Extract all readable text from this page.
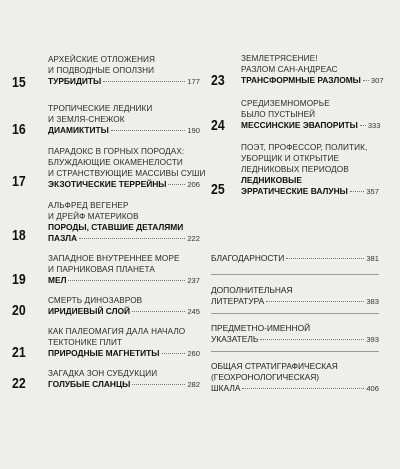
АРХЕЙСКИЕ ОТЛОЖЕНИЯ
И ПОДВОДНЫЕ ОПОЛЗНИ
ТУРБИДИТЫ	177
15
ТРОПИЧЕСКИЕ ЛЕДНИКИ
И ЗЕМЛЯ-СНЕЖОК
ДИАМИКТИТЫ	190
16
ПАРАДОКС В ГОРНЫХ ПОРОДАХ:
БЛУЖДАЮЩИЕ ОКАМЕНЕЛОСТИ
И СТРАНСТВУЮЩИЕ МАССИВЫ СУШИ
ЭКЗОТИЧЕСКИЕ ТЕРРЕЙНЫ	206
17
АЛЬФРЕД ВЕГЕНЕР
И ДРЕЙФ МАТЕРИКОВ
ПОРОДЫ, СТАВШИЕ ДЕТАЛЯМИ
ПАЗЛА	222
18
ЗАПАДНОЕ ВНУТРЕННЕЕ МОРЕ
И ПАРНИКОВАЯ ПЛАНЕТА
МЕЛ	237
19
СМЕРТЬ ДИНОЗАВРОВ
ИРИДИЕВЫЙ СЛОЙ	245
20
КАК ПАЛЕОМАГИЯ ДАЛА НАЧАЛО
ТЕКТОНИКЕ ПЛИТ
ПРИРОДНЫЕ МАГНЕТИТЫ	260
21
ЗАГАДКА ЗОН СУБДУКЦИИ
ГОЛУБЫЕ СЛАНЦЫ	282
22
ЗЕМЛЕТРЯСЕНИЕ!
РАЗЛОМ САН-АНДРЕАС
ТРАНСФОРМНЫЕ РАЗЛОМЫ 307
23
СРЕДИЗЕМНОМОРЬЕ
БЫЛО ПУСТЫНЕЙ
МЕССИНСКИЕ ЭВАПОРИТЫ 333
24
ПОЭТ, ПРОФЕССОР, ПОЛИТИК,
УБОРЩИК И ОТКРЫТИЕ
ЛЕДНИКОВЫХ ПЕРИОДОВ
ЛЕДНИКОВЫЕ
ЭРРАТИЧЕСКИЕ ВАЛУНЫ 357
25
БЛАГОДАРНОСТИ	381
ДОПОЛНИТЕЛЬНАЯ
ЛИТЕРАТУРА	383
ПРЕДМЕТНО-ИМЕННОЙ
УКАЗАТЕЛЬ	393
ОБЩАЯ СТРАТИГРАФИЧЕСКАЯ
(ГЕОХРОНОЛОГИЧЕСКАЯ)
ШКАЛА	406
